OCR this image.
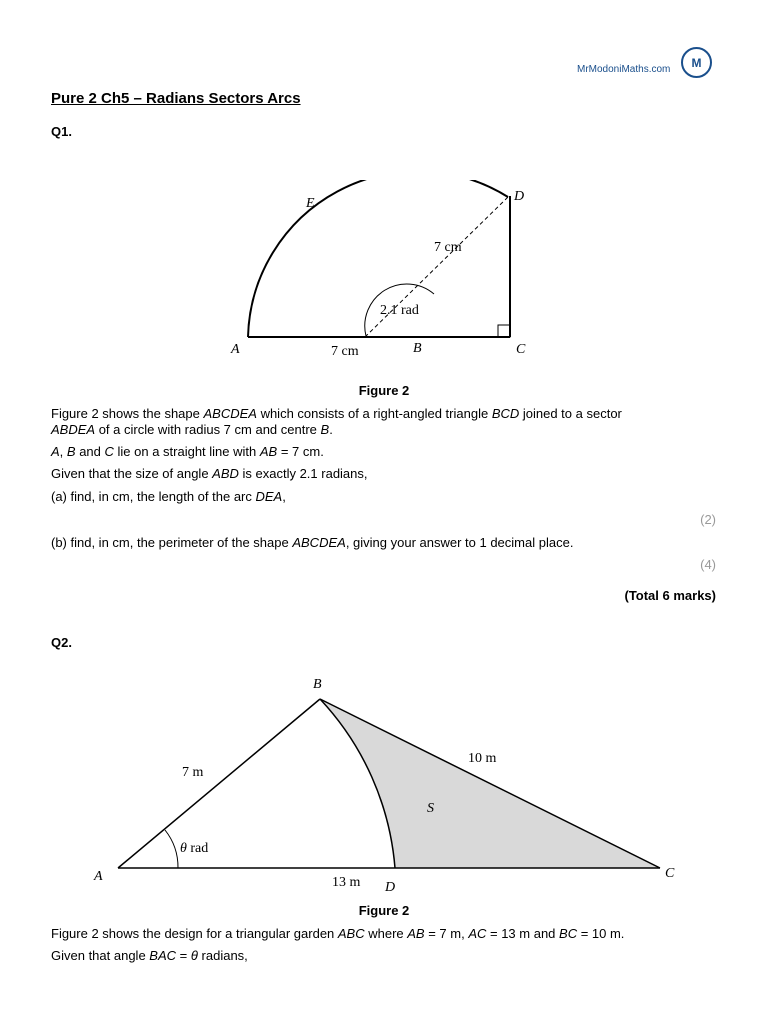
MrModoniMaths.com M
Pure 2 Ch5 – Radians Sectors Arcs
Q1.
A	B	C
D
E
7 cm
7 cm
2.1 rad
Figure 2
Figure 2 shows the shape ABCDEA which consists of a right-angled triangle BCD joined to a sector
ABDEA of a circle with radius 7 cm and centre B.
A, B and C lie on a straight line with AB = 7 cm.
Given that the size of angle ABD is exactly 2.1 radians,
(a) find, in cm, the length of the arc DEA,
(2)
(b) find, in cm, the perimeter of the shape ABCDEA, giving your answer to 1 decimal place.
(4)
(Total 6 marks)
Q2.
B
A	C
D
S
7 m
10 m
13 m
θ rad
Figure 2
Figure 2 shows the design for a triangular garden ABC where AB = 7 m, AC = 13 m and BC = 10 m.
Given that angle BAC = θ radians,
